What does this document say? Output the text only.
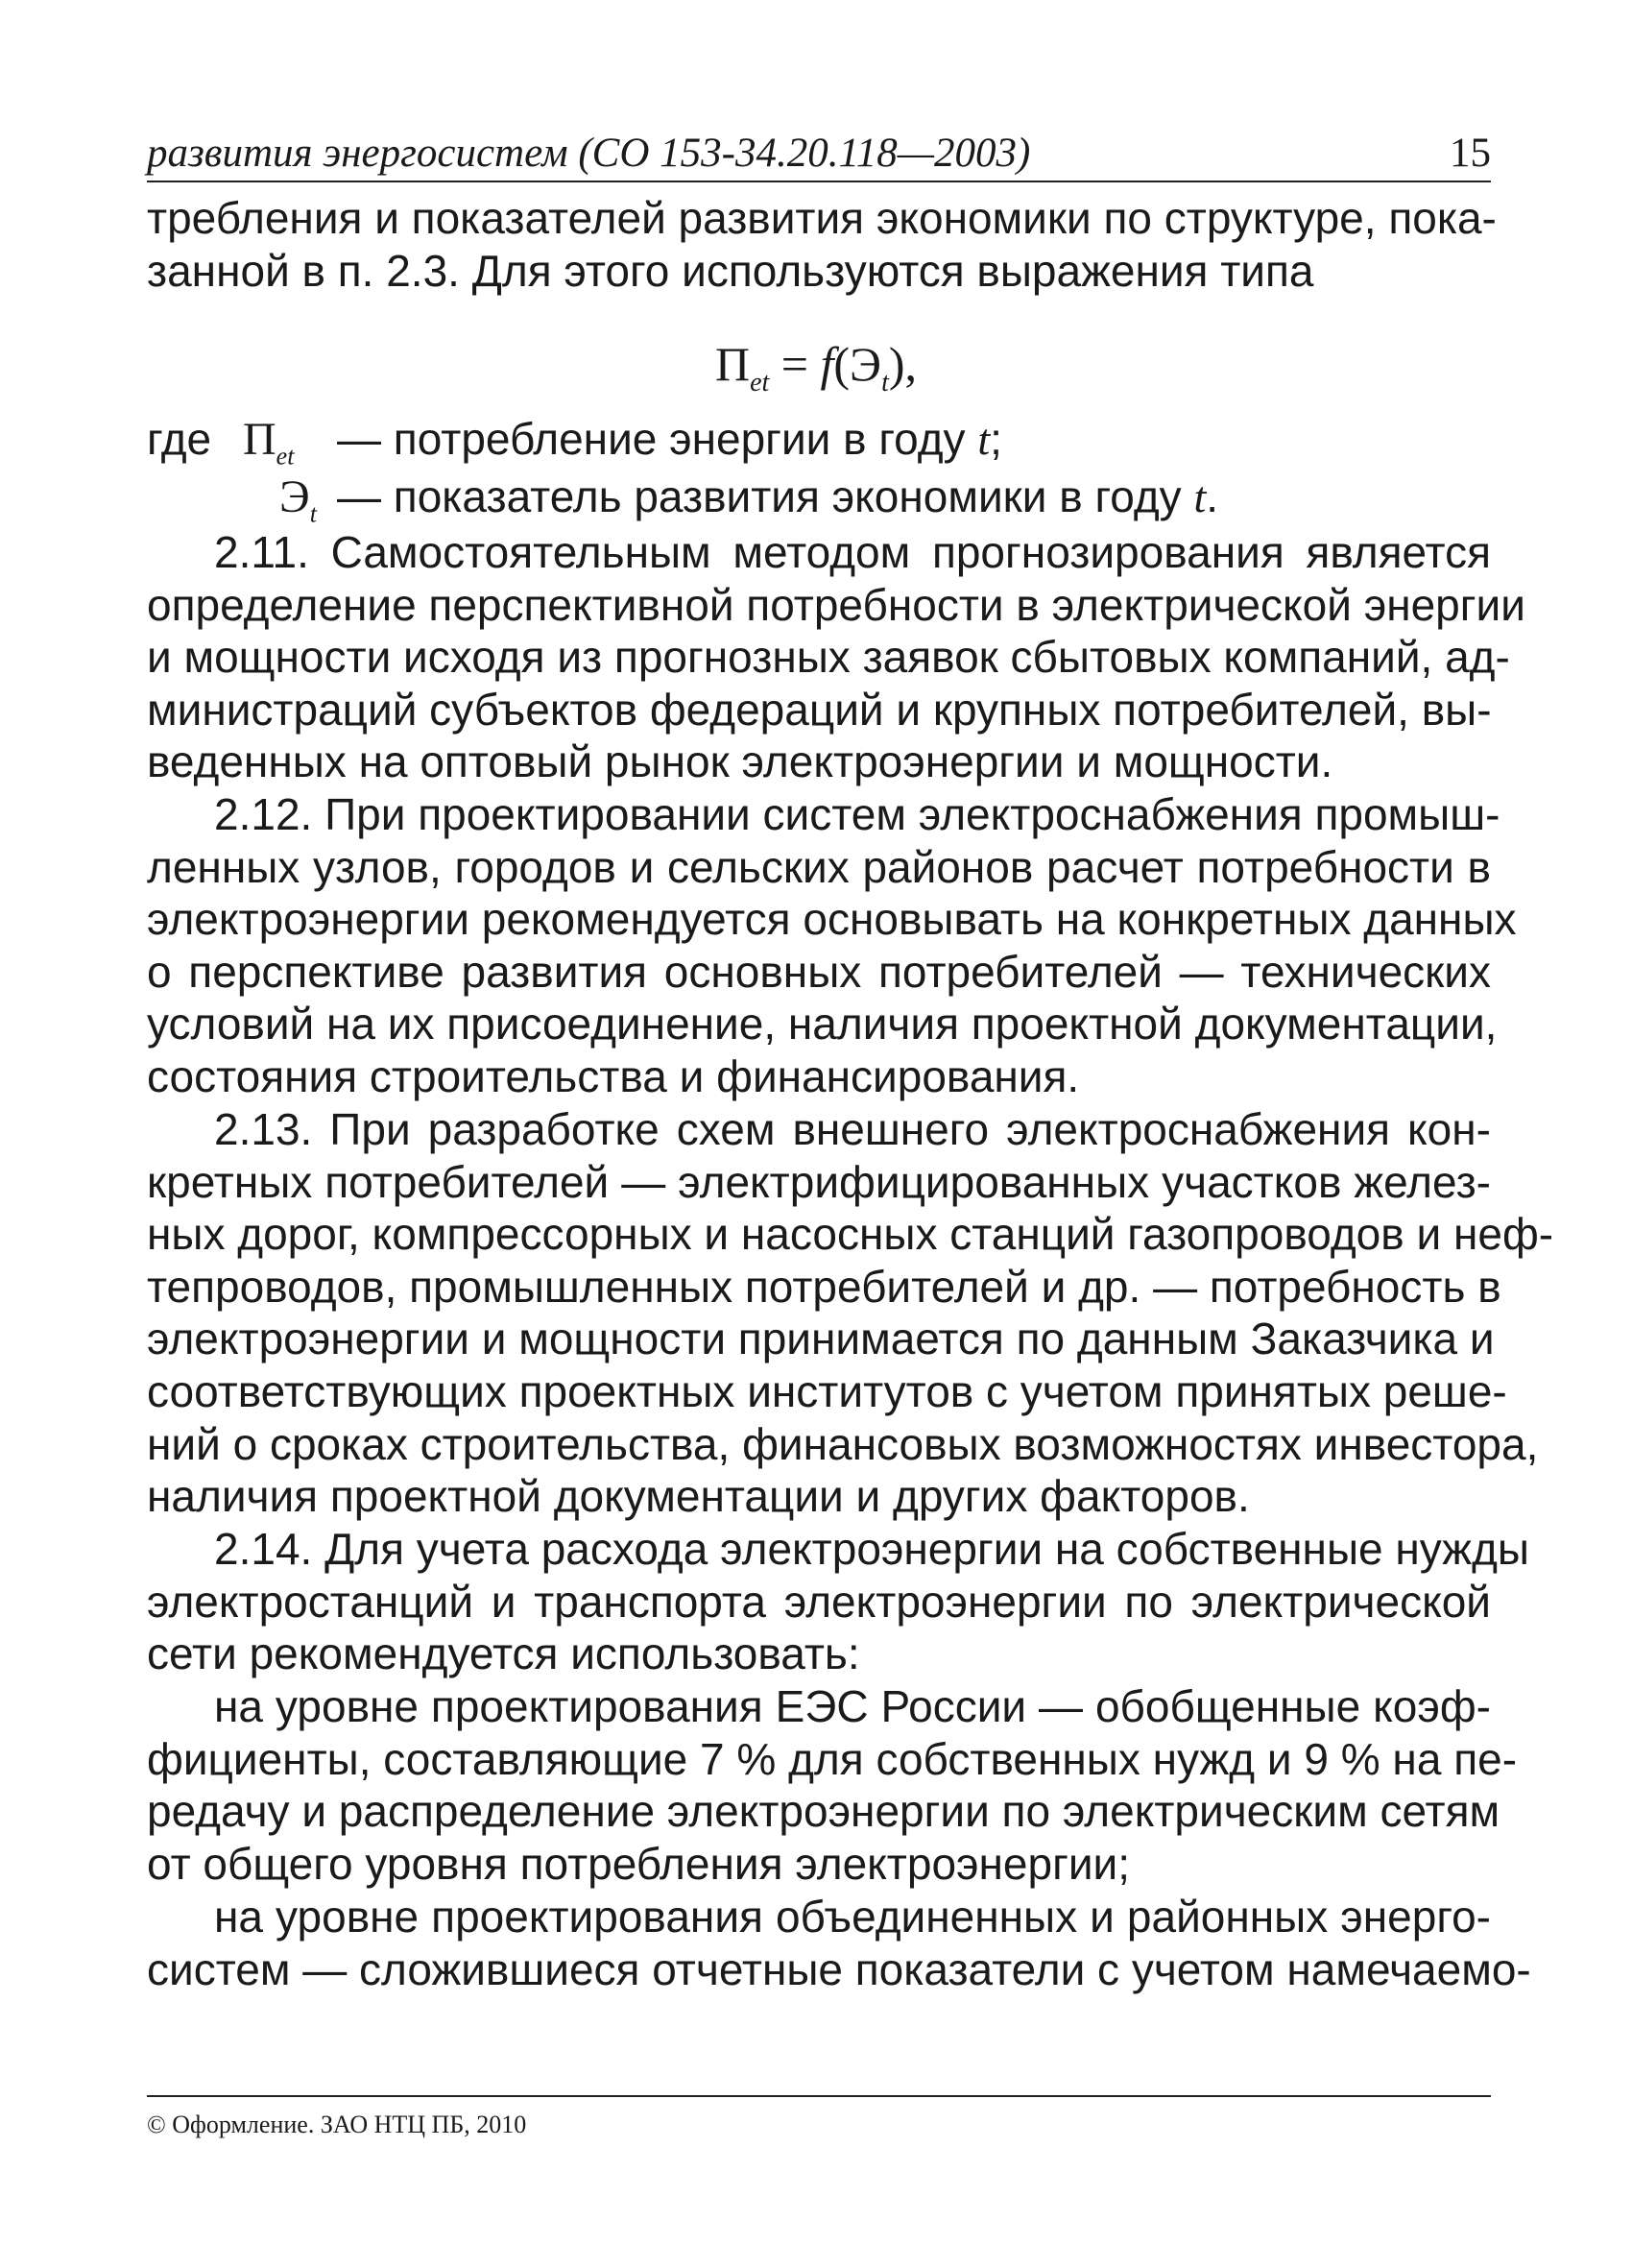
развития энергосистем (СО 153-34.20.118—2003)	15
требления и показателей развития экономики по структуре, пока-
занной в п. 2.3. Для этого используются выражения типа
$П_{et} = f(Э_t)$,
где $П_{et}$ — потребление энергии в году t;
$Э_t$ — показатель развития экономики в году t.
2.11. Самостоятельным методом прогнозирования является
определение перспективной потребности в электрической энергии
и мощности исходя из прогнозных заявок сбытовых компаний, ад-
министраций субъектов федераций и крупных потребителей, вы-
веденных на оптовый рынок электроэнергии и мощности.
2.12. При проектировании систем электроснабжения промыш-
ленных узлов, городов и сельских районов расчет потребности в
электроэнергии рекомендуется основывать на конкретных данных
о перспективе развития основных потребителей — технических
условий на их присоединение, наличия проектной документации,
состояния строительства и финансирования.
2.13. При разработке схем внешнего электроснабжения кон-
кретных потребителей — электрифицированных участков желез-
ных дорог, компрессорных и насосных станций газопроводов и неф-
тепроводов, промышленных потребителей и др. — потребность в
электроэнергии и мощности принимается по данным Заказчика и
соответствующих проектных институтов с учетом принятых реше-
ний о сроках строительства, финансовых возможностях инвестора,
наличия проектной документации и других факторов.
2.14. Для учета расхода электроэнергии на собственные нужды
электростанций и транспорта электроэнергии по электрической
сети рекомендуется использовать:
на уровне проектирования ЕЭС России — обобщенные коэф-
фициенты, составляющие 7 % для собственных нужд и 9 % на пе-
редачу и распределение электроэнергии по электрическим сетям
от общего уровня потребления электроэнергии;
на уровне проектирования объединенных и районных энерго-
систем — сложившиеся отчетные показатели с учетом намечаемо-
© Оформление. ЗАО НТЦ ПБ, 2010
